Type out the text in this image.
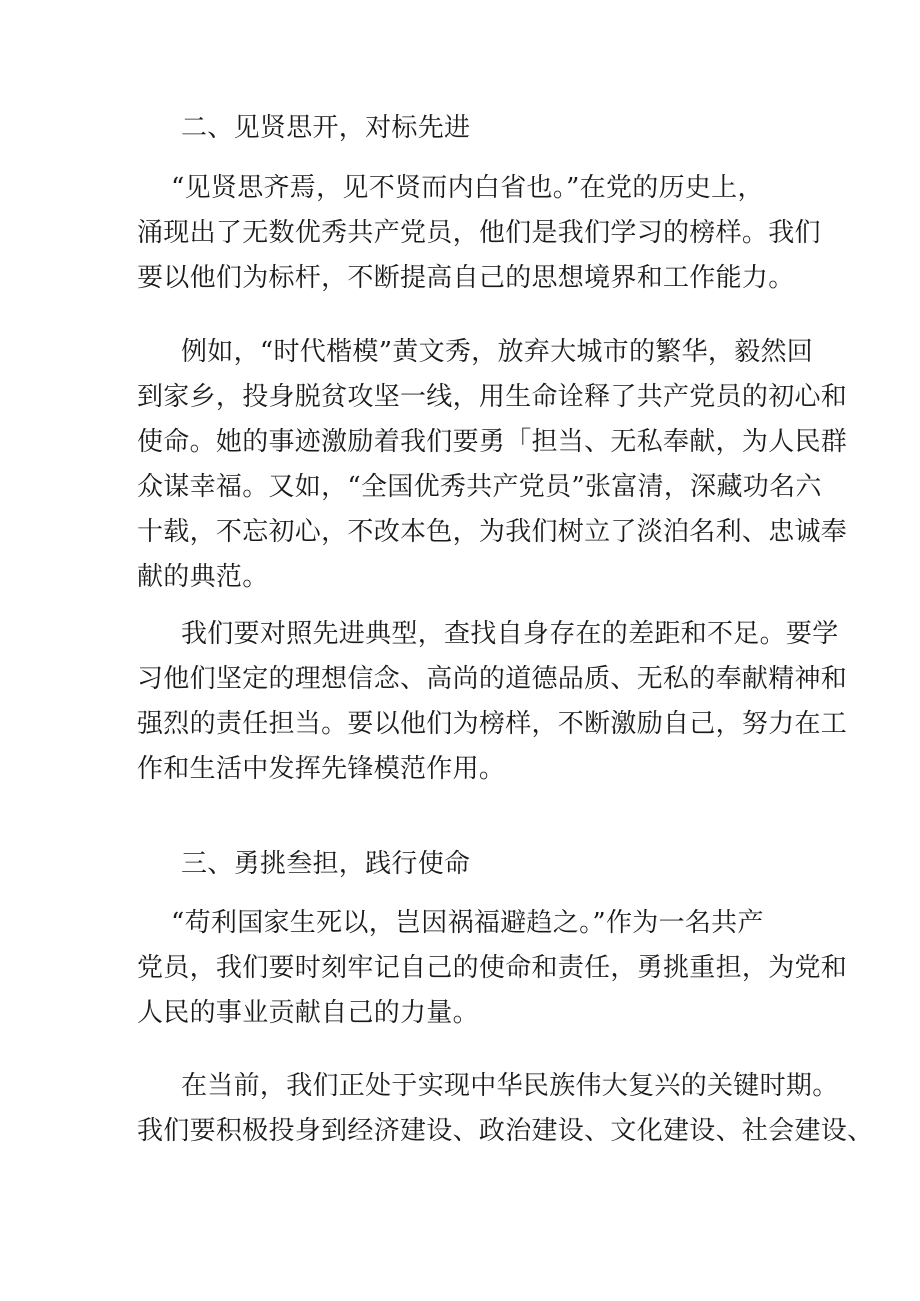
二、见贤思开，对标先进
“见贤思齐焉，见不贤而内白省也。”在党的历史上，
涌现出了无数优秀共产党员，他们是我们学习的榜样。我们
要以他们为标杆，不断提高自己的思想境界和工作能力。
例如，“时代楷模”黄文秀，放弃大城市的繁华，毅然回
到家乡，投身脱贫攻坚一线，用生命诠释了共产党员的初心和
使命。她的事迹激励着我们要勇「担当、无私奉献，为人民群
众谋幸福。又如，“全国优秀共产党员”张富清，深藏功名六
十载，不忘初心，不改本色，为我们树立了淡泊名利、忠诚奉
献的典范。
我们要对照先进典型，查找自身存在的差距和不足。要学
习他们坚定的理想信念、高尚的道德品质、无私的奉献精神和
强烈的责任担当。要以他们为榜样，不断激励自己，努力在工
作和生活中发挥先锋模范作用。
三、勇挑叁担，践行使命
“苟利国家生死以，岂因祸福避趋之。”作为一名共产
党员，我们要时刻牢记自己的使命和责任，勇挑重担，为党和
人民的事业贡献自己的力量。
在当前，我们正处于实现中华民族伟大复兴的关键时期。
我们要积极投身到经济建设、政治建设、文化建设、社会建设、
